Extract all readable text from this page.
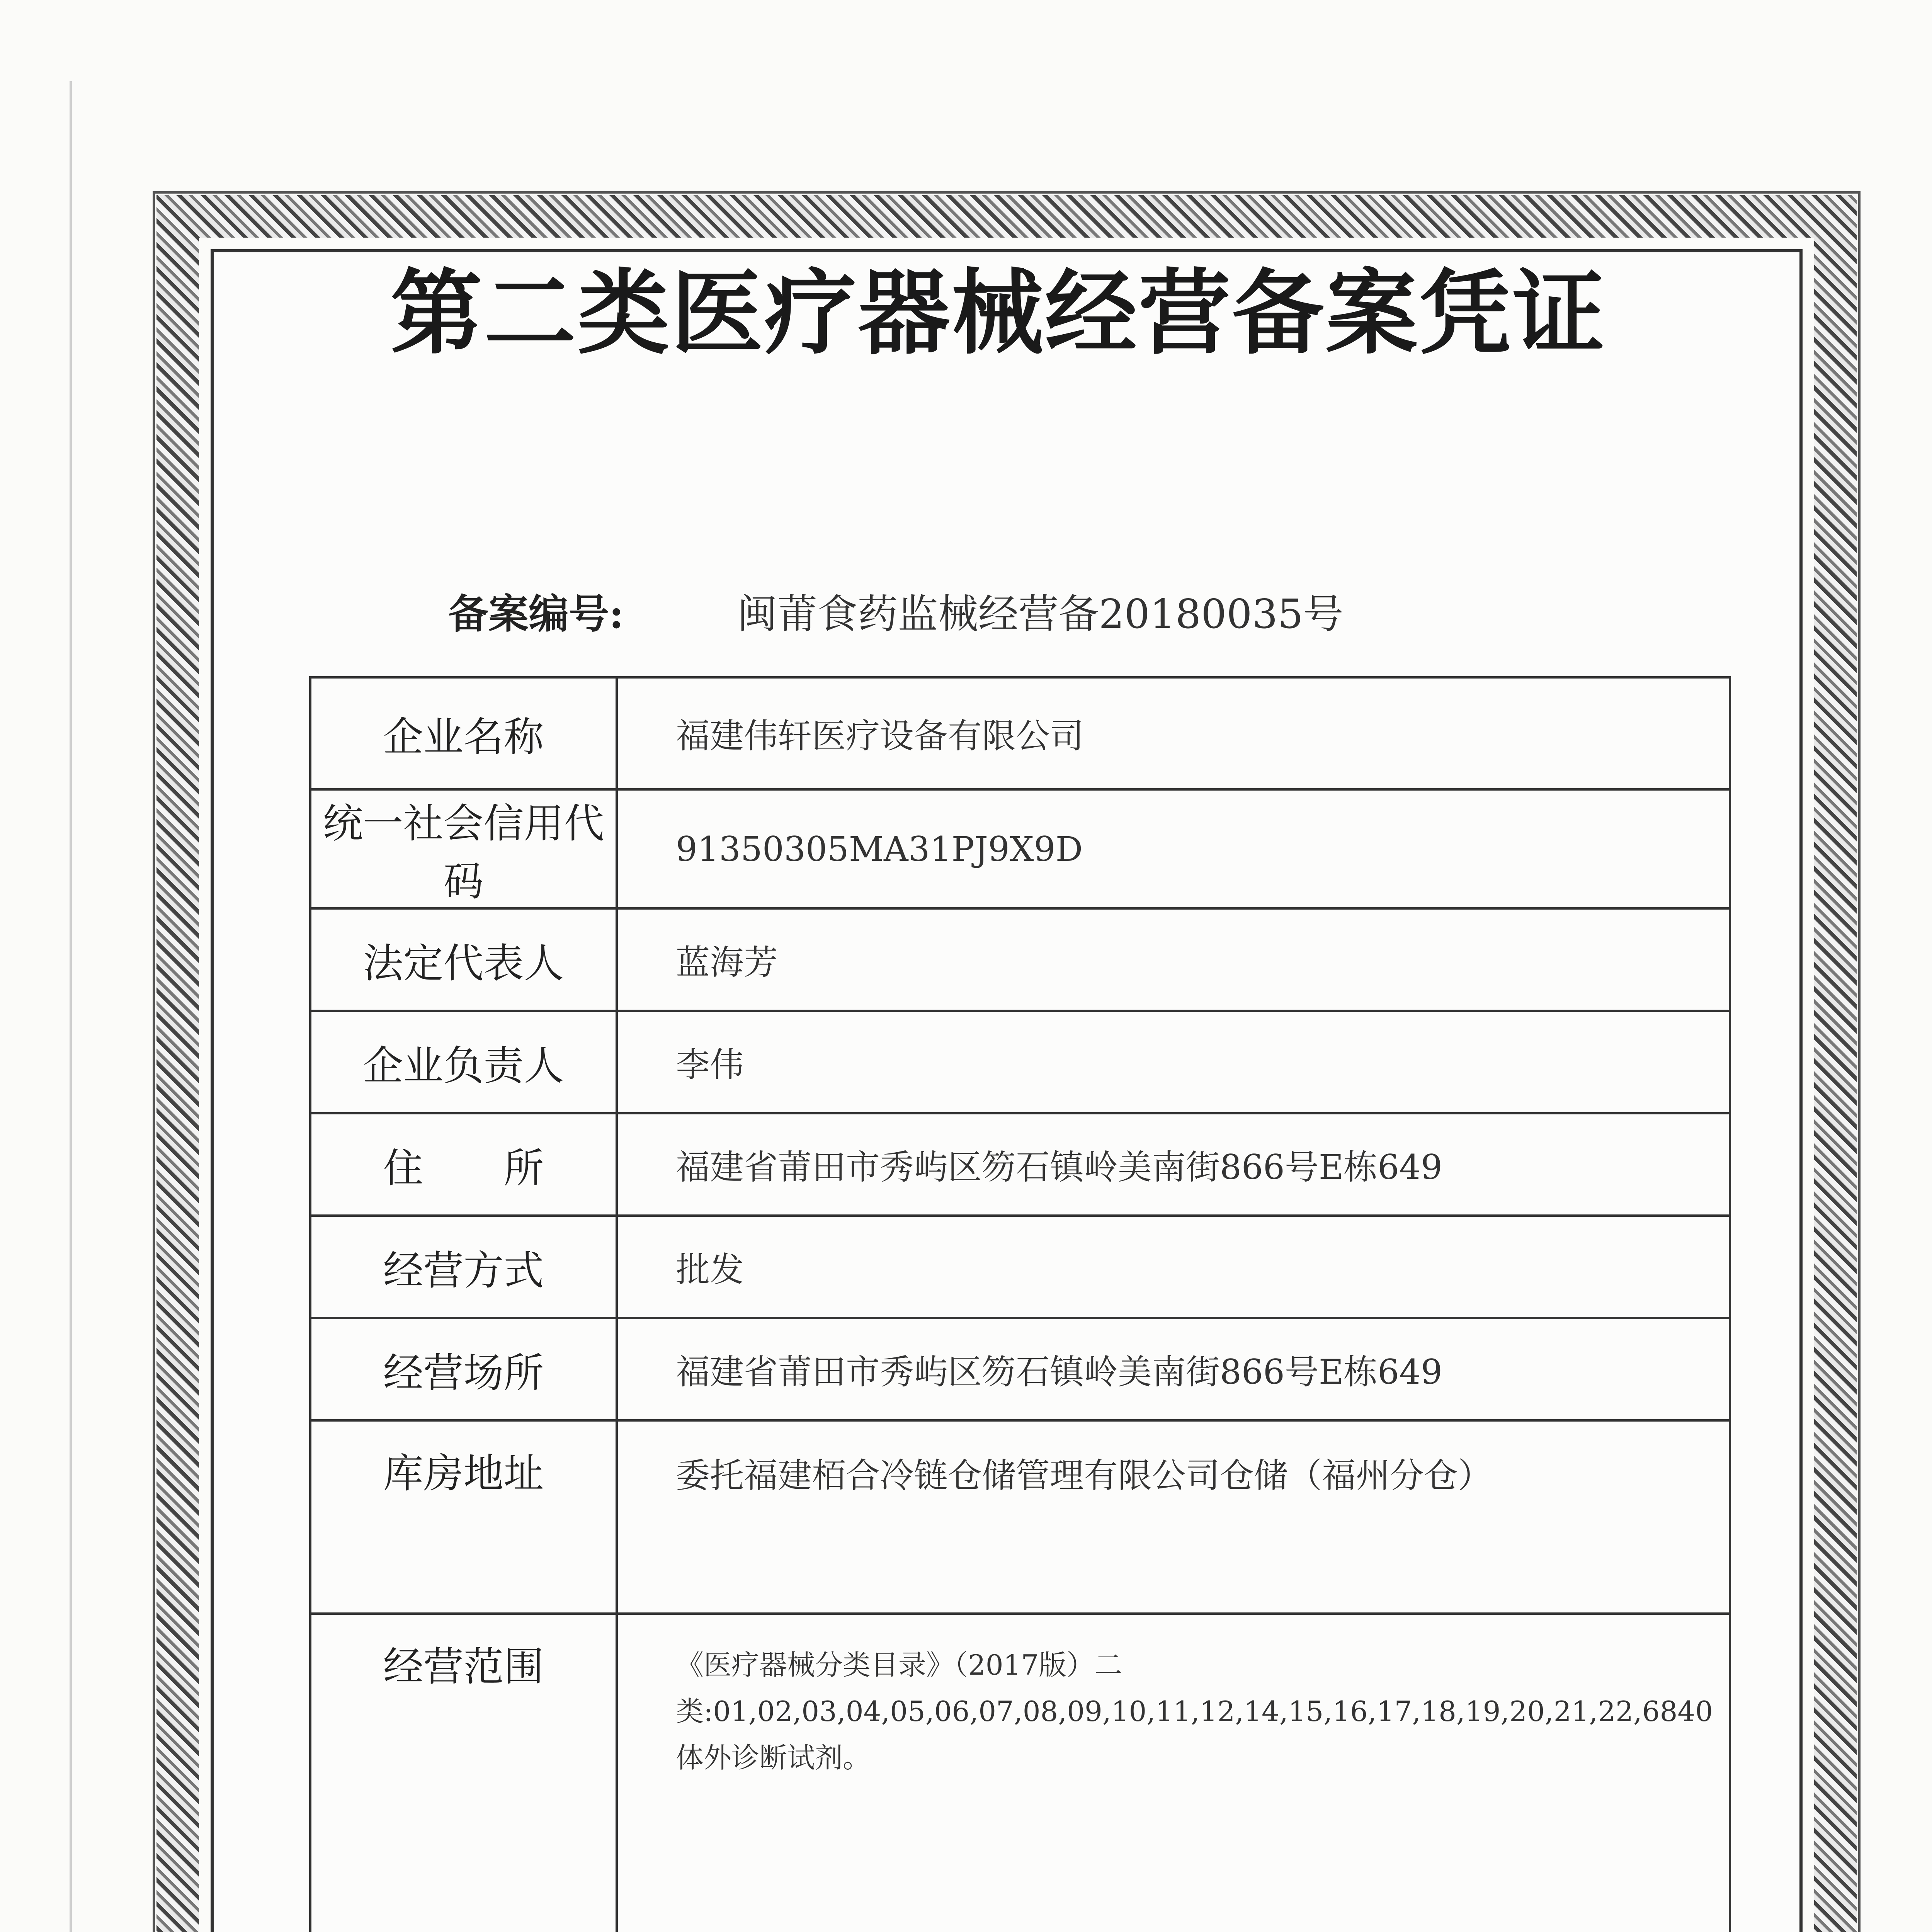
第二类医疗器械经营备案凭证
备案编号:	闽莆食药监械经营备20180035号
企业名称	福建伟轩医疗设备有限公司
统一社会信用代码	91350305MA31PJ9X9D
法定代表人	蓝海芳
企业负责人	李伟
住　　所	福建省莆田市秀屿区笏石镇岭美南街866号E栋649
经营方式	批发
经营场所	福建省莆田市秀屿区笏石镇岭美南街866号E栋649
库房地址	委托福建栢合冷链仓储管理有限公司仓储（福州分仓）
经营范围	《医疗器械分类目录》（2017版）二类:01,02,03,04,05,06,07,08,09,10,11,12,14,15,16,17,18,19,20,21,22,6840体外诊断试剂。
